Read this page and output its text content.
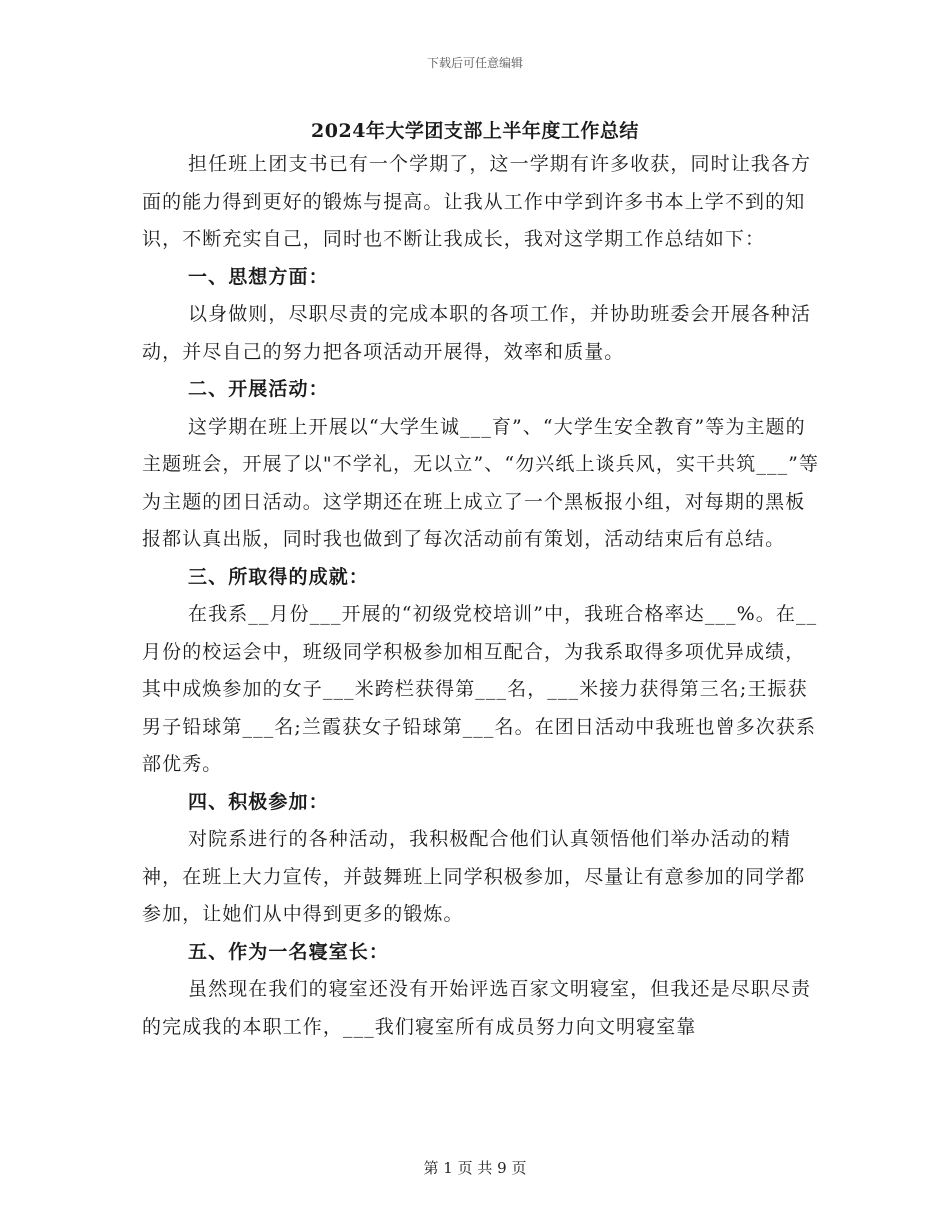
下载后可任意编辑
2024年大学团支部上半年度工作总结

担任班上团支书已有一个学期了，这一学期有许多收获，同时让我各方面的能力得到更好的锻炼与提高。让我从工作中学到许多书本上学不到的知识，不断充实自己，同时也不断让我成长，我对这学期工作总结如下：

一、思想方面：

以身做则，尽职尽责的完成本职的各项工作，并协助班委会开展各种活动，并尽自己的努力把各项活动开展得，效率和质量。

二、开展活动：

这学期在班上开展以“大学生诚___育”、“大学生安全教育”等为主题的主题班会，开展了以"不学礼，无以立”、“勿兴纸上谈兵风，实干共筑___”等为主题的团日活动。这学期还在班上成立了一个黑板报小组，对每期的黑板报都认真出版，同时我也做到了每次活动前有策划，活动结束后有总结。

三、所取得的成就：

在我系__月份___开展的“初级党校培训”中，我班合格率达___%。在__月份的校运会中，班级同学积极参加相互配合，为我系取得多项优异成绩，其中成焕参加的女子___米跨栏获得第___名，___米接力获得第三名;王振获男子铅球第___名;兰霞获女子铅球第___名。在团日活动中我班也曾多次获系部优秀。

四、积极参加：

对院系进行的各种活动，我积极配合他们认真领悟他们举办活动的精神，在班上大力宣传，并鼓舞班上同学积极参加，尽量让有意参加的同学都参加，让她们从中得到更多的锻炼。

五、作为一名寝室长：

虽然现在我们的寝室还没有开始评选百家文明寝室，但我还是尽职尽责的完成我的本职工作，___我们寝室所有成员努力向文明寝室靠

第 1 页 共 9 页
